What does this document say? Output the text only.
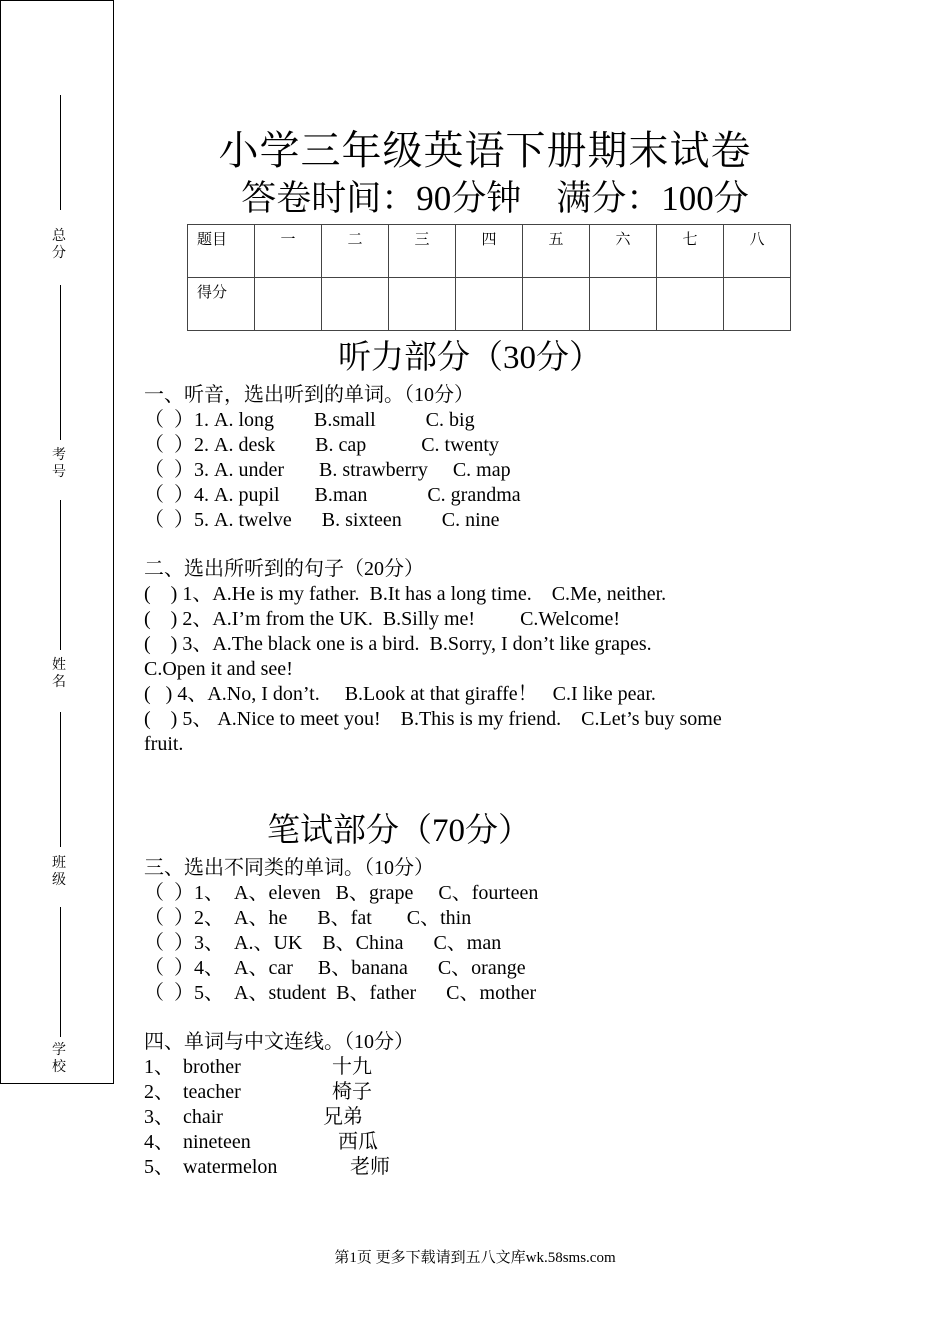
总分
考号
姓名
班级
学校
小学三年级英语下册期末试卷
答卷时间：90分钟　满分：100分
题目	一	二	三	四	五	六	七	八
得分								
听力部分（30分）
一、听音，选出听到的单词。（10分）
（  ）1. A. long        B.small          C. big
（  ）2. A. desk        B. cap           C. twenty
（  ）3. A. under       B. strawberry     C. map
（  ）4. A. pupil       B.man            C. grandma
（  ）5. A. twelve      B. sixteen        C. nine
二、选出所听到的句子（20分）
(    ) 1、A.He is my father.  B.It has a long time.    C.Me, neither.
(    ) 2、A.I’m from the UK.  B.Silly me!         C.Welcome!
(    ) 3、A.The black one is a bird.  B.Sorry, I don’t like grapes.
C.Open it and see!
(   ) 4、A.No, I don’t.     B.Look at that giraffe！   C.I like pear.
(    ) 5、 A.Nice to meet you!    B.This is my friend.    C.Let’s buy some
fruit.
笔试部分（70分）
三、选出不同类的单词。（10分）
（  ）1、  A、eleven   B、grape     C、fourteen
（  ）2、  A、he      B、fat       C、thin
（  ）3、  A.、UK    B、China      C、man
（  ）4、  A、car     B、banana      C、orange
（  ）5、  A、student  B、father      C、mother
四、单词与中文连线。（10分）
1、 brother	十九
2、 teacher	椅子
3、 chair	兄弟
4、 nineteen	西瓜
5、 watermelon	老师
第1页 更多下载请到五八文库wk.58sms.com
